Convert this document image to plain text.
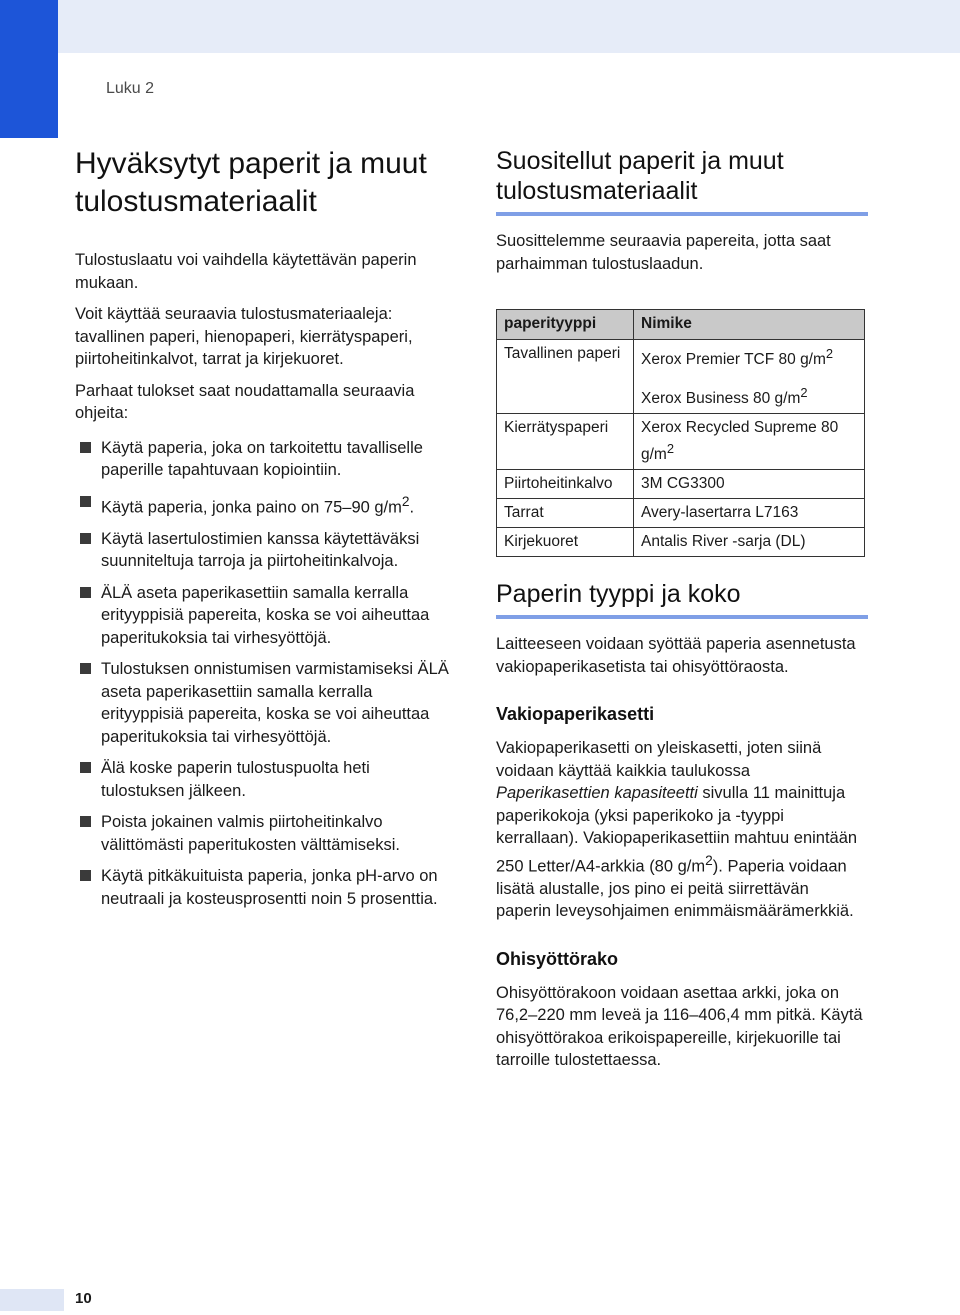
Luku 2
Hyväksytyt paperit ja muut tulostusmateriaalit

Tulostuslaatu voi vaihdella käytettävän paperin mukaan.

Voit käyttää seuraavia tulostusmateriaaleja: tavallinen paperi, hienopaperi, kierrätyspaperi, piirtoheitinkalvot, tarrat ja kirjekuoret.

Parhaat tulokset saat noudattamalla seuraavia ohjeita:

Käytä paperia, joka on tarkoitettu tavalliselle paperille tapahtuvaan kopiointiin.
Käytä paperia, jonka paino on 75–90 $g/m^2$.
Käytä lasertulostimien kanssa käytettäväksi suunniteltuja tarroja ja piirtoheitinkalvoja.
ÄLÄ aseta paperikasettiin samalla kerralla erityyppisiä papereita, koska se voi aiheuttaa paperitukoksia tai virhesyöttöjä.
Tulostuksen onnistumisen varmistamiseksi ÄLÄ aseta paperikasettiin samalla kerralla erityyppisiä papereita, koska se voi aiheuttaa paperitukoksia tai virhesyöttöjä.
Älä koske paperin tulostuspuolta heti tulostuksen jälkeen.
Poista jokainen valmis piirtoheitinkalvo välittömästi paperitukosten välttämiseksi.
Käytä pitkäkuituista paperia, jonka pH-arvo on neutraali ja kosteusprosentti noin 5 prosenttia.
Suositellut paperit ja muut tulostusmateriaalit

Suosittelemme seuraavia papereita, jotta saat parhaimman tulostuslaadun.

paperityyppi	Nimike
Tavallinen paperi	Xerox Premier TCF 80 $g/m^2$
Xerox Business 80 $g/m^2$

Kierrätyspaperi	Xerox Recycled Supreme 80 $g/m^2$
Piirtoheitinkalvo	3M CG3300
Tarrat	Avery-lasertarra L7163
Kirjekuoret	Antalis River -sarja (DL)
Paperin tyyppi ja koko

Laitteeseen voidaan syöttää paperia asennetusta vakiopaperikasetista tai ohisyöttöraosta.

Vakiopaperikasetti

Vakiopaperikasetti on yleiskasetti, joten siinä voidaan käyttää kaikkia taulukossa Paperikasettien kapasiteetti sivulla 11 mainittuja paperikokoja (yksi paperikoko ja -tyyppi kerrallaan). Vakiopaperikasettiin mahtuu enintään 250 Letter/A4-arkkia (80 $g/m^2$). Paperia voidaan lisätä alustalle, jos pino ei peitä siirrettävän paperin leveysohjaimen enimmäismäärämerkkiä.

Ohisyöttörako

Ohisyöttörakoon voidaan asettaa arkki, joka on 76,2–220 mm leveä ja 116–406,4 mm pitkä. Käytä ohisyöttörakoa erikoispapereille, kirjekuorille tai tarroille tulostettaessa.

10
